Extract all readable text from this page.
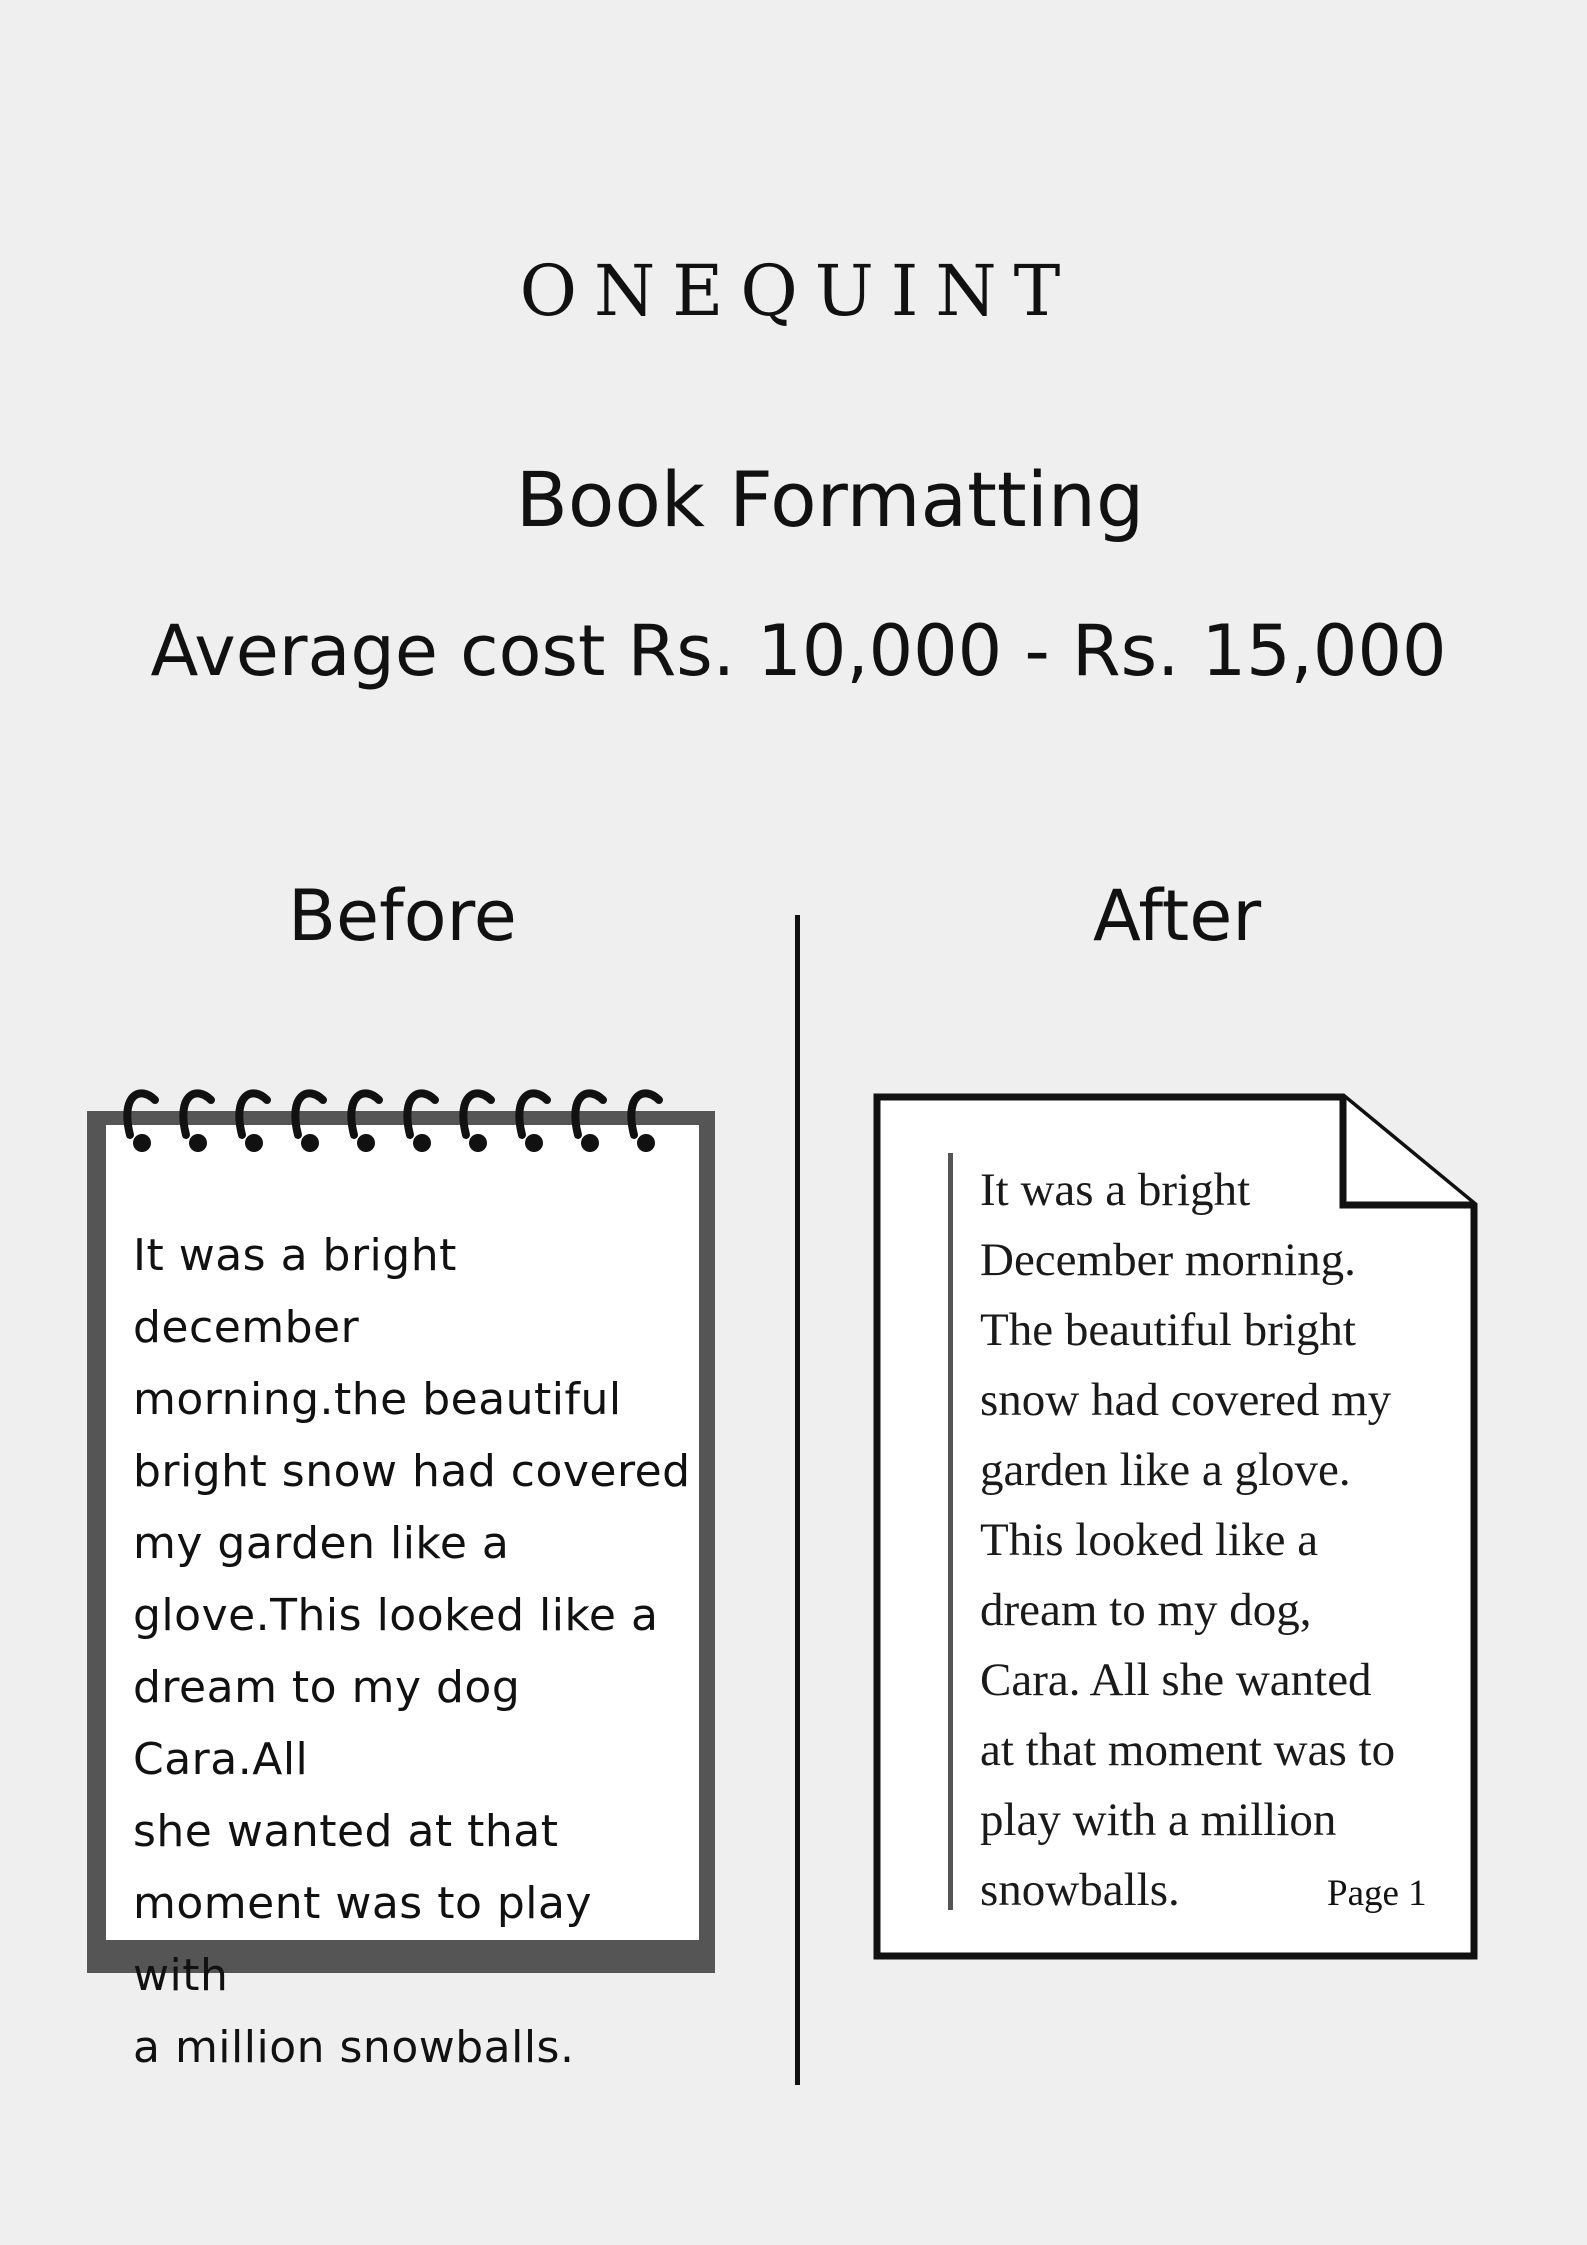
ONEQUINT
Book Formatting
Average cost Rs. 10,000 - Rs. 15,000
Before	After
It was a bright december
morning.the beautiful
bright snow had covered
my garden like a
glove.This looked like a
dream to my dog Cara.All
she wanted at that
moment was to play with
a million snowballs.
It was a bright
December morning.
The beautiful bright
snow had covered my
garden like a glove.
This looked like a
dream to my dog,
Cara. All she wanted
at that moment was to
play with a million
snowballs.	Page 1
